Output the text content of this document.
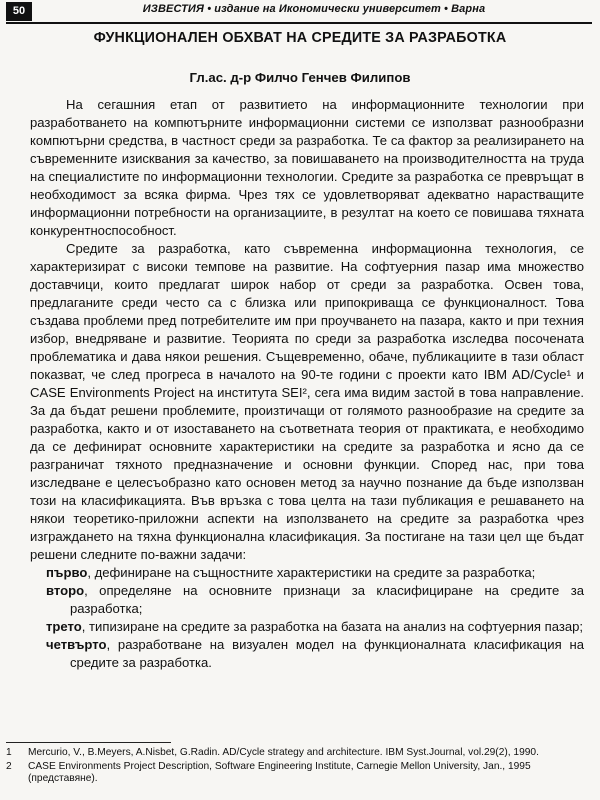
50	ИЗВЕСТИЯ • издание на Икономически университет • Варна
ФУНКЦИОНАЛЕН ОБХВАТ НА СРЕДИТЕ ЗА РАЗРАБОТКА
Гл.ас. д-р Филчо Генчев Филипов

На сегашния етап от развитието на информационните технологии при разработването на компютърните информационни системи се използват разнообразни компютърни средства, в частност среди за разработка. Те са фактор за реализирането на съвременните изисквания за качество, за повишаването на производителността на труда на специалистите по информационни технологии. Средите за разработка се превръщат в необходимост за всяка фирма. Чрез тях се удовлетворяват адекватно нарастващите информационни потребности на организациите, в резултат на което се повишава тяхната конкурентноспособност.

Средите за разработка, като съвременна информационна технология, се характеризират с високи темпове на развитие. На софтуерния пазар има множество доставчици, които предлагат широк набор от среди за разработка. Освен това, предлаганите среди често са с близка или припокриваща се функционалност. Това създава проблеми пред потребителите им при проучването на пазара, както и при техния избор, внедряване и развитие. Теорията по среди за разработка изследва посочената проблематика и дава някои решения. Същевременно, обаче, публикациите в тази област показват, че след прогреса в началото на 90-те години с проекти като IBM AD/Cycle¹ и CASE Environments Project на института SEI², сега има видим застой в това направление. За да бъдат решени проблемите, произтичащи от голямото разнообразие на средите за разработка, както и от изоставането на съответната теория от практиката, е необходимо да се дефинират основните характеристики на средите за разработка и ясно да се разграничат тяхното предназначение и основни функции. Според нас, при това изследване е целесъобразно като основен метод за научно познание да бъде използван този на класификацията. Във връзка с това целта на тази публикация е решаването на някои теоретико-приложни аспекти на използването на средите за разработка чрез изграждането на тяхна функционална класификация. За постигане на тази цел ще бъдат решени следните по-важни задачи:

първо, дефиниране на същностните характеристики на средите за разработка;

второ, определяне на основните признаци за класифициране на средите за разработка;

трето, типизиране на средите за разработка на базата на анализ на софтуерния пазар;

четвърто, разработване на визуален модел на функционалната класификация на средите за разработка.

1 Mercurio, V., B.Meyers, A.Nisbet, G.Radin. AD/Cycle strategy and architecture. IBM Syst.Journal, vol.29(2), 1990.
2 CASE Environments Project Description, Software Engineering Institute, Carnegie Mellon University, Jan., 1995 (представяне).
